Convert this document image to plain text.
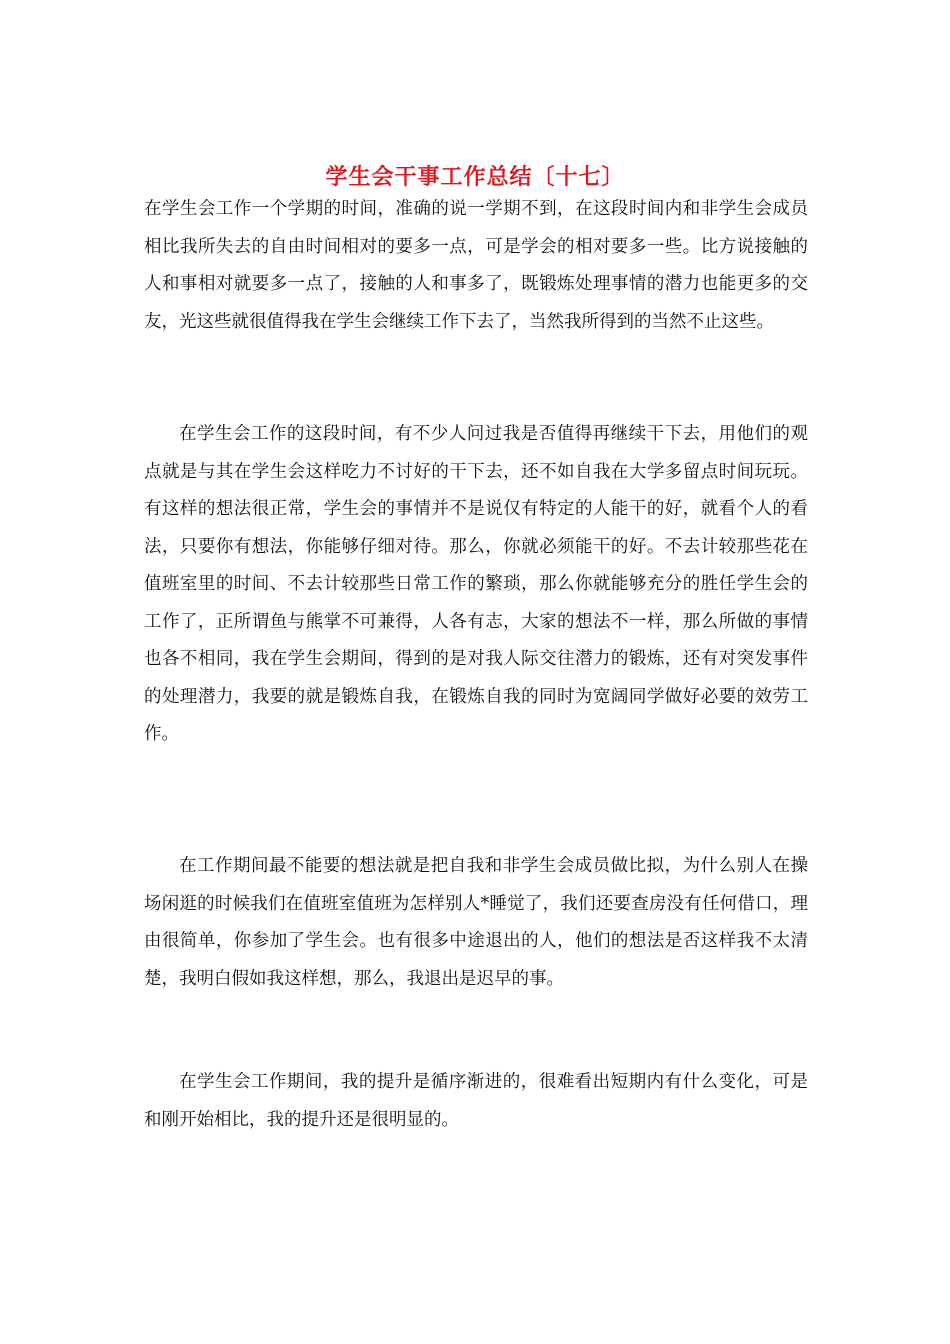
学生会干事工作总结〔十七〕

在学生会工作一个学期的时间，准确的说一学期不到，在这段时间内和非学生会成员相比我所失去的自由时间相对的要多一点，可是学会的相对要多一些。比方说接触的人和事相对就要多一点了，接触的人和事多了，既锻炼处理事情的潜力也能更多的交友，光这些就很值得我在学生会继续工作下去了，当然我所得到的当然不止这些。

在学生会工作的这段时间，有不少人问过我是否值得再继续干下去，用他们的观点就是与其在学生会这样吃力不讨好的干下去，还不如自我在大学多留点时间玩玩。有这样的想法很正常，学生会的事情并不是说仅有特定的人能干的好，就看个人的看法，只要你有想法，你能够仔细对待。那么，你就必须能干的好。不去计较那些花在值班室里的时间、不去计较那些日常工作的繁琐，那么你就能够充分的胜任学生会的工作了，正所谓鱼与熊掌不可兼得，人各有志，大家的想法不一样，那么所做的事情也各不相同，我在学生会期间，得到的是对我人际交往潜力的锻炼，还有对突发事件的处理潜力，我要的就是锻炼自我，在锻炼自我的同时为宽阔同学做好必要的效劳工作。

在工作期间最不能要的想法就是把自我和非学生会成员做比拟，为什么别人在操场闲逛的时候我们在值班室值班为怎样别人*睡觉了，我们还要查房没有任何借口，理由很简单，你参加了学生会。也有很多中途退出的人，他们的想法是否这样我不太清楚，我明白假如我这样想，那么，我退出是迟早的事。

在学生会工作期间，我的提升是循序渐进的，很难看出短期内有什么变化，可是和刚开始相比，我的提升还是很明显的。
